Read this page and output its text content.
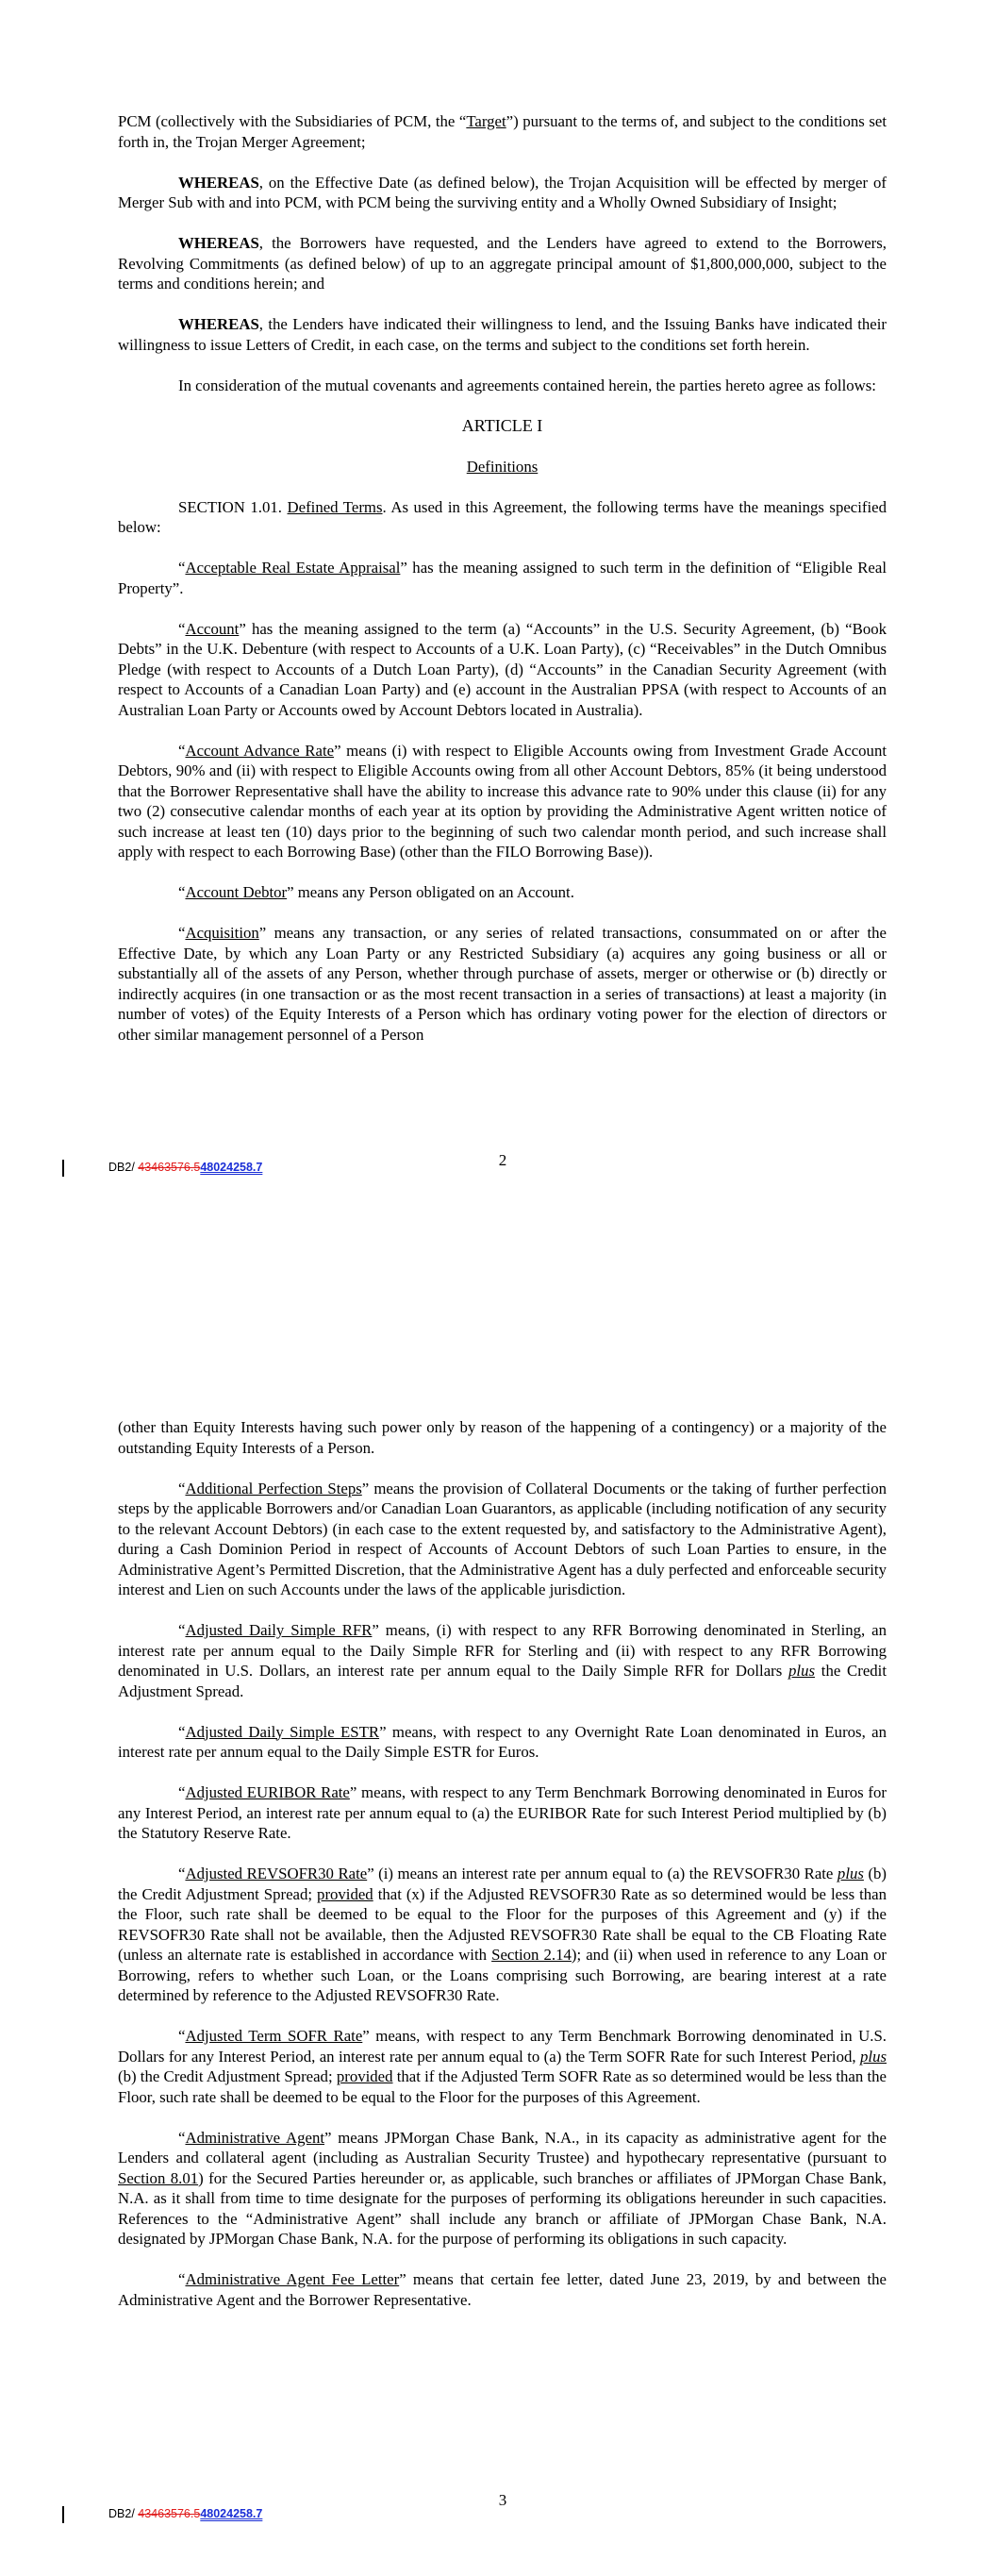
PCM (collectively with the Subsidiaries of PCM, the “Target”) pursuant to the terms of, and subject to the conditions set forth in, the Trojan Merger Agreement;

WHEREAS, on the Effective Date (as defined below), the Trojan Acquisition will be effected by merger of Merger Sub with and into PCM, with PCM being the surviving entity and a Wholly Owned Subsidiary of Insight;

WHEREAS, the Borrowers have requested, and the Lenders have agreed to extend to the Borrowers, Revolving Commitments (as defined below) of up to an aggregate principal amount of $1,800,000,000, subject to the terms and conditions herein; and

WHEREAS, the Lenders have indicated their willingness to lend, and the Issuing Banks have indicated their willingness to issue Letters of Credit, in each case, on the terms and subject to the conditions set forth herein.

In consideration of the mutual covenants and agreements contained herein, the parties hereto agree as follows:

ARTICLE I

Definitions

SECTION 1.01. Defined Terms. As used in this Agreement, the following terms have the meanings specified below:

“Acceptable Real Estate Appraisal” has the meaning assigned to such term in the definition of “Eligible Real Property”.

“Account” has the meaning assigned to the term (a) “Accounts” in the U.S. Security Agreement, (b) “Book Debts” in the U.K. Debenture (with respect to Accounts of a U.K. Loan Party), (c) “Receivables” in the Dutch Omnibus Pledge (with respect to Accounts of a Dutch Loan Party), (d) “Accounts” in the Canadian Security Agreement (with respect to Accounts of a Canadian Loan Party) and (e) account in the Australian PPSA (with respect to Accounts of an Australian Loan Party or Accounts owed by Account Debtors located in Australia).

“Account Advance Rate” means (i) with respect to Eligible Accounts owing from Investment Grade Account Debtors, 90% and (ii) with respect to Eligible Accounts owing from all other Account Debtors, 85% (it being understood that the Borrower Representative shall have the ability to increase this advance rate to 90% under this clause (ii) for any two (2) consecutive calendar months of each year at its option by providing the Administrative Agent written notice of such increase at least ten (10) days prior to the beginning of such two calendar month period, and such increase shall apply with respect to each Borrowing Base) (other than the FILO Borrowing Base)).

“Account Debtor” means any Person obligated on an Account.

“Acquisition” means any transaction, or any series of related transactions, consummated on or after the Effective Date, by which any Loan Party or any Restricted Subsidiary (a) acquires any going business or all or substantially all of the assets of any Person, whether through purchase of assets, merger or otherwise or (b) directly or indirectly acquires (in one transaction or as the most recent transaction in a series of transactions) at least a majority (in number of votes) of the Equity Interests of a Person which has ordinary voting power for the election of directors or other similar management personnel of a Person

2
DB2/ 43463576.548024258.7

(other than Equity Interests having such power only by reason of the happening of a contingency) or a majority of the outstanding Equity Interests of a Person.

“Additional Perfection Steps” means the provision of Collateral Documents or the taking of further perfection steps by the applicable Borrowers and/or Canadian Loan Guarantors, as applicable (including notification of any security to the relevant Account Debtors) (in each case to the extent requested by, and satisfactory to the Administrative Agent), during a Cash Dominion Period in respect of Accounts of Account Debtors of such Loan Parties to ensure, in the Administrative Agent’s Permitted Discretion, that the Administrative Agent has a duly perfected and enforceable security interest and Lien on such Accounts under the laws of the applicable jurisdiction.

“Adjusted Daily Simple RFR” means, (i) with respect to any RFR Borrowing denominated in Sterling, an interest rate per annum equal to the Daily Simple RFR for Sterling and (ii) with respect to any RFR Borrowing denominated in U.S. Dollars, an interest rate per annum equal to the Daily Simple RFR for Dollars plus the Credit Adjustment Spread.

“Adjusted Daily Simple ESTR” means, with respect to any Overnight Rate Loan denominated in Euros, an interest rate per annum equal to the Daily Simple ESTR for Euros.

“Adjusted EURIBOR Rate” means, with respect to any Term Benchmark Borrowing denominated in Euros for any Interest Period, an interest rate per annum equal to (a) the EURIBOR Rate for such Interest Period multiplied by (b) the Statutory Reserve Rate.

“Adjusted REVSOFR30 Rate” (i) means an interest rate per annum equal to (a) the REVSOFR30 Rate plus (b) the Credit Adjustment Spread; provided that (x) if the Adjusted REVSOFR30 Rate as so determined would be less than the Floor, such rate shall be deemed to be equal to the Floor for the purposes of this Agreement and (y) if the REVSOFR30 Rate shall not be available, then the Adjusted REVSOFR30 Rate shall be equal to the CB Floating Rate (unless an alternate rate is established in accordance with Section 2.14); and (ii) when used in reference to any Loan or Borrowing, refers to whether such Loan, or the Loans comprising such Borrowing, are bearing interest at a rate determined by reference to the Adjusted REVSOFR30 Rate.

“Adjusted Term SOFR Rate” means, with respect to any Term Benchmark Borrowing denominated in U.S. Dollars for any Interest Period, an interest rate per annum equal to (a) the Term SOFR Rate for such Interest Period, plus (b) the Credit Adjustment Spread; provided that if the Adjusted Term SOFR Rate as so determined would be less than the Floor, such rate shall be deemed to be equal to the Floor for the purposes of this Agreement.

“Administrative Agent” means JPMorgan Chase Bank, N.A., in its capacity as administrative agent for the Lenders and collateral agent (including as Australian Security Trustee) and hypothecary representative (pursuant to Section 8.01) for the Secured Parties hereunder or, as applicable, such branches or affiliates of JPMorgan Chase Bank, N.A. as it shall from time to time designate for the purposes of performing its obligations hereunder in such capacities. References to the “Administrative Agent” shall include any branch or affiliate of JPMorgan Chase Bank, N.A. designated by JPMorgan Chase Bank, N.A. for the purpose of performing its obligations in such capacity.

“Administrative Agent Fee Letter” means that certain fee letter, dated June 23, 2019, by and between the Administrative Agent and the Borrower Representative.

3
DB2/ 43463576.548024258.7
